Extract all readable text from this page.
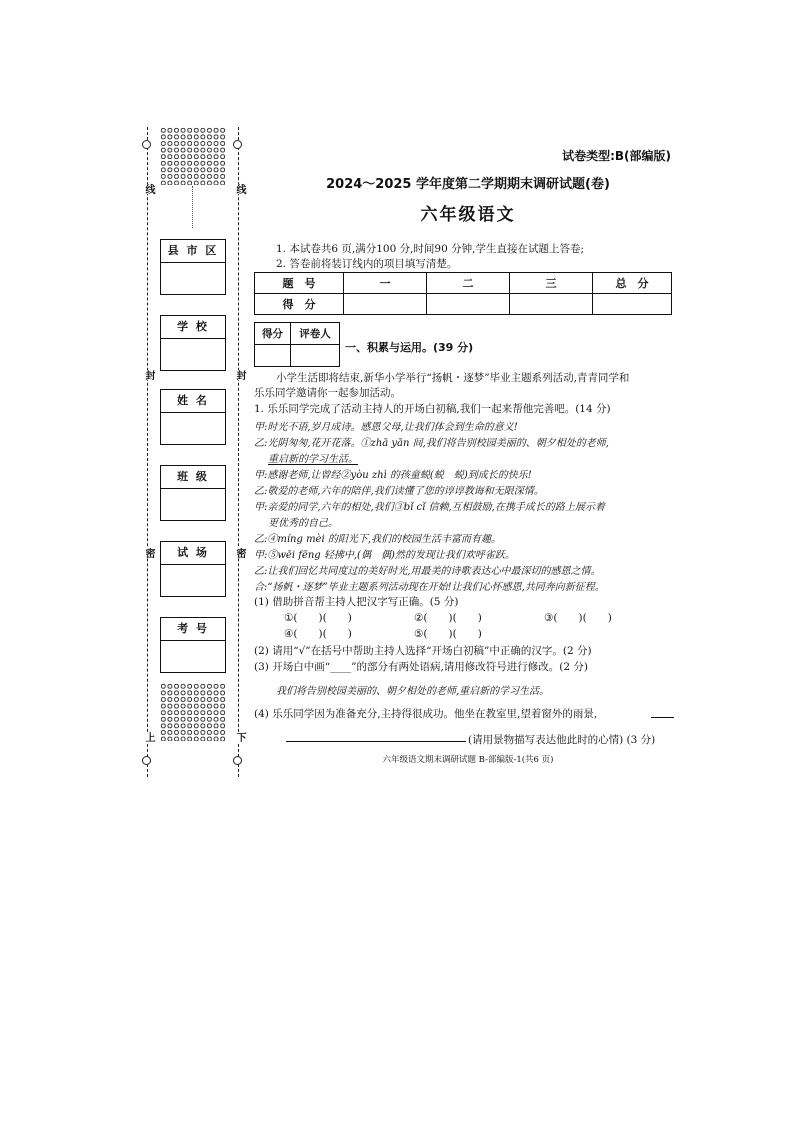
线	线
封	封
密	密
上	下
县 市 区
学 校
姓 名
班 级
试 场
考 号
试卷类型:B(部编版)
2024～2025 学年度第二学期期末调研试题(卷)
六年级语文
1. 本试卷共6 页,满分100 分,时间90 分钟,学生直接在试题上答卷;
2. 答卷前将装订线内的项目填写清楚。
题　号	一	二	三	总　分
得　分				
得分	评卷人

一、积累与运用。(39 分)
小学生活即将结束,新华小学举行“扬帆・逐梦”毕业主题系列活动,青青同学和
乐乐同学邀请你一起参加活动。
1. 乐乐同学完成了活动主持人的开场白初稿,我们一起来帮他完善吧。(14 分)
甲:时光不语,岁月成诗。感恩父母,让我们体会到生命的意义!
乙:光阴匆匆,花开花落。①zhā yān 间,我们将告别校园美丽的、朝夕相处的老师,
重启新的学习生活。
甲:感谢老师,让曾经②yòu zhì 的孩童蜕(蜕　蜕)到成长的快乐!
乙:敬爱的老师,六年的陪伴,我们读懂了您的谆谆教诲和无限深情。
甲:亲爱的同学,六年的相处,我们③bǐ cǐ 信赖,互相鼓励,在携手成长的路上展示着
更优秀的自己。
乙:④míng mèi 的阳光下,我们的校园生活丰富而有趣。
甲:⑤wēi fēng 轻拂中,(偶　偶)然的发现让我们欢呼雀跃。
乙:让我们回忆共同度过的美好时光,用最美的诗歌表达心中最深切的感恩之情。
合:“扬帆・逐梦”毕业主题系列活动现在开始!让我们心怀感恩,共同奔向新征程。
(1) 借助拼音帮主持人把汉字写正确。(5 分)
①(　　)(　　)	②(　　)(　　)	③(　　)(　　)
④(　　)(　　)	⑤(　　)(　　)
(2) 请用“√”在括号中帮助主持人选择“开场白初稿”中正确的汉字。(2 分)
(3) 开场白中画“____”的部分有两处语病,请用修改符号进行修改。(2 分)
我们将告别校园美丽的、朝夕相处的老师,重启新的学习生活。
(4) 乐乐同学因为准备充分,主持得很成功。他坐在教室里,望着窗外的雨景,
(请用景物描写表达他此时的心情) (3 分)
六年级语文期末调研试题 B-部编版-1(共6 页)
